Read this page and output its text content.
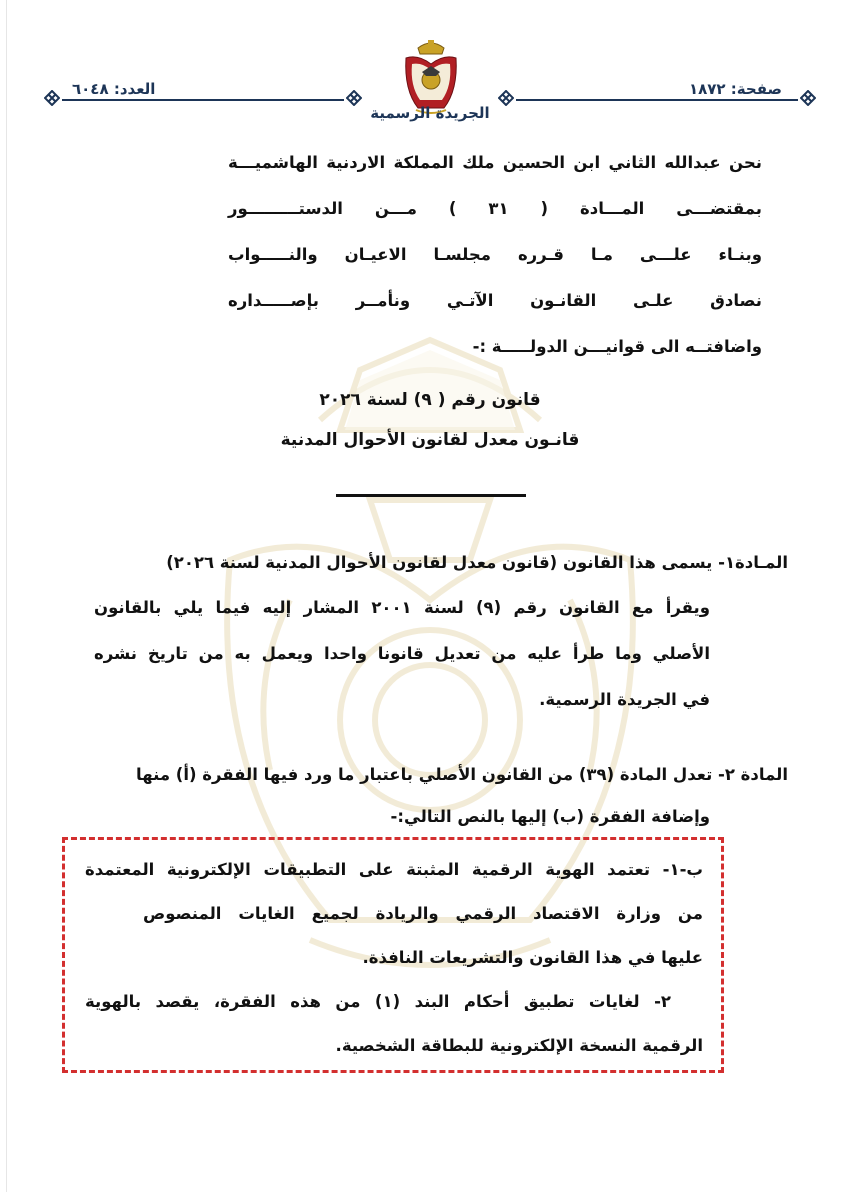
صفحة: ١٨٧٢
العدد: ٦٠٤٨
الجريدة الرسمية
نحن عبدالله الثاني ابن الحسين ملك المملكة الاردنية الهاشميـــة
بمقتضـــى المـــادة ( ٣١ ) مـــن الدستـــــــــور
وبنـاء علـــى مـا قـرره مجلسـا الاعيـان والنـــــواب
نصادق علـى القانـون الآتـي ونأمــر بإصـــــداره
واضافتــه الى قوانيـــن الدولـــــة :-
قانون رقم ( ٩) لسنة ٢٠٢٦
قانـون معدل لقانون الأحوال المدنية
المـادة١- يسمى هذا القانون (قانون معدل لقانون الأحوال المدنية لسنة ٢٠٢٦)
ويقرأ مع القانون رقم (٩) لسنة ٢٠٠١ المشار إليه فيما يلي بالقانون
الأصلي وما طرأ عليه من تعديل قانونا واحدا ويعمل به من تاريخ نشره
في الجريدة الرسمية.
المادة ٢- تعدل المادة (٣٩) من القانون الأصلي باعتبار ما ورد فيها الفقرة (أ) منها
وإضافة الفقرة (ب) إليها بالنص التالي:-
ب-١- تعتمد الهوية الرقمية المثبتة على التطبيقات الإلكترونية المعتمدة
من وزارة الاقتصاد الرقمي والريادة لجميع الغايات المنصوص
عليها في هذا القانون والتشريعات النافذة.
٢- لغايات تطبيق أحكام البند (١) من هذه الفقرة، يقصد بالهوية
الرقمية النسخة الإلكترونية للبطاقة الشخصية.
